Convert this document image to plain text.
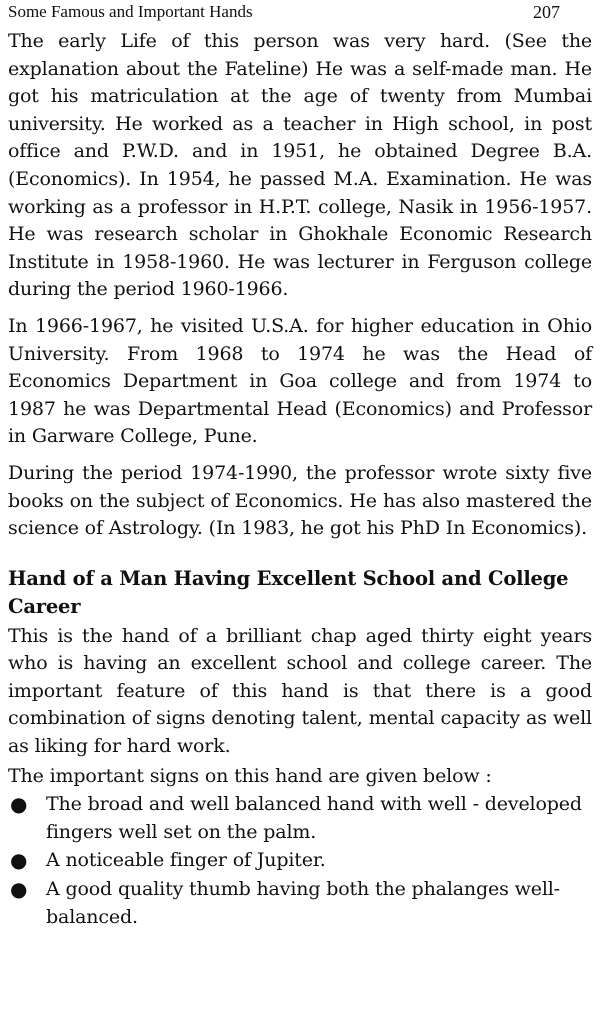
Some Famous and Important Hands	207

The early Life of this person was very hard. (See the explanation about the Fateline) He was a self-made man. He got his matriculation at the age of twenty from Mumbai university. He worked as a teacher in High school, in post office and P.W.D. and in 1951, he obtained Degree B.A. (Economics). In 1954, he passed M.A. Examination. He was working as a professor in H.P.T. college, Nasik in 1956-1957. He was research scholar in Ghokhale Economic Research Institute in 1958-1960. He was lecturer in Ferguson college during the period 1960-1966.

In 1966-1967, he visited U.S.A. for higher education in Ohio University. From 1968 to 1974 he was the Head of Economics Department in Goa college and from 1974 to 1987 he was Departmental Head (Economics) and Professor in Garware College, Pune.

During the period 1974-1990, the professor wrote sixty five books on the subject of Economics. He has also mastered the science of Astrology. (In 1983, he got his PhD In Economics).

Hand of a Man Having Excellent School and College Career

This is the hand of a brilliant chap aged thirty eight years who is having an excellent school and college career. The important feature of this hand is that there is a good combination of signs denoting talent, mental capacity as well as liking for hard work.

The important signs on this hand are given below :

● The broad and well balanced hand with well - developed fingers well set on the palm.
● A noticeable finger of Jupiter.
● A good quality thumb having both the phalanges well-balanced.
